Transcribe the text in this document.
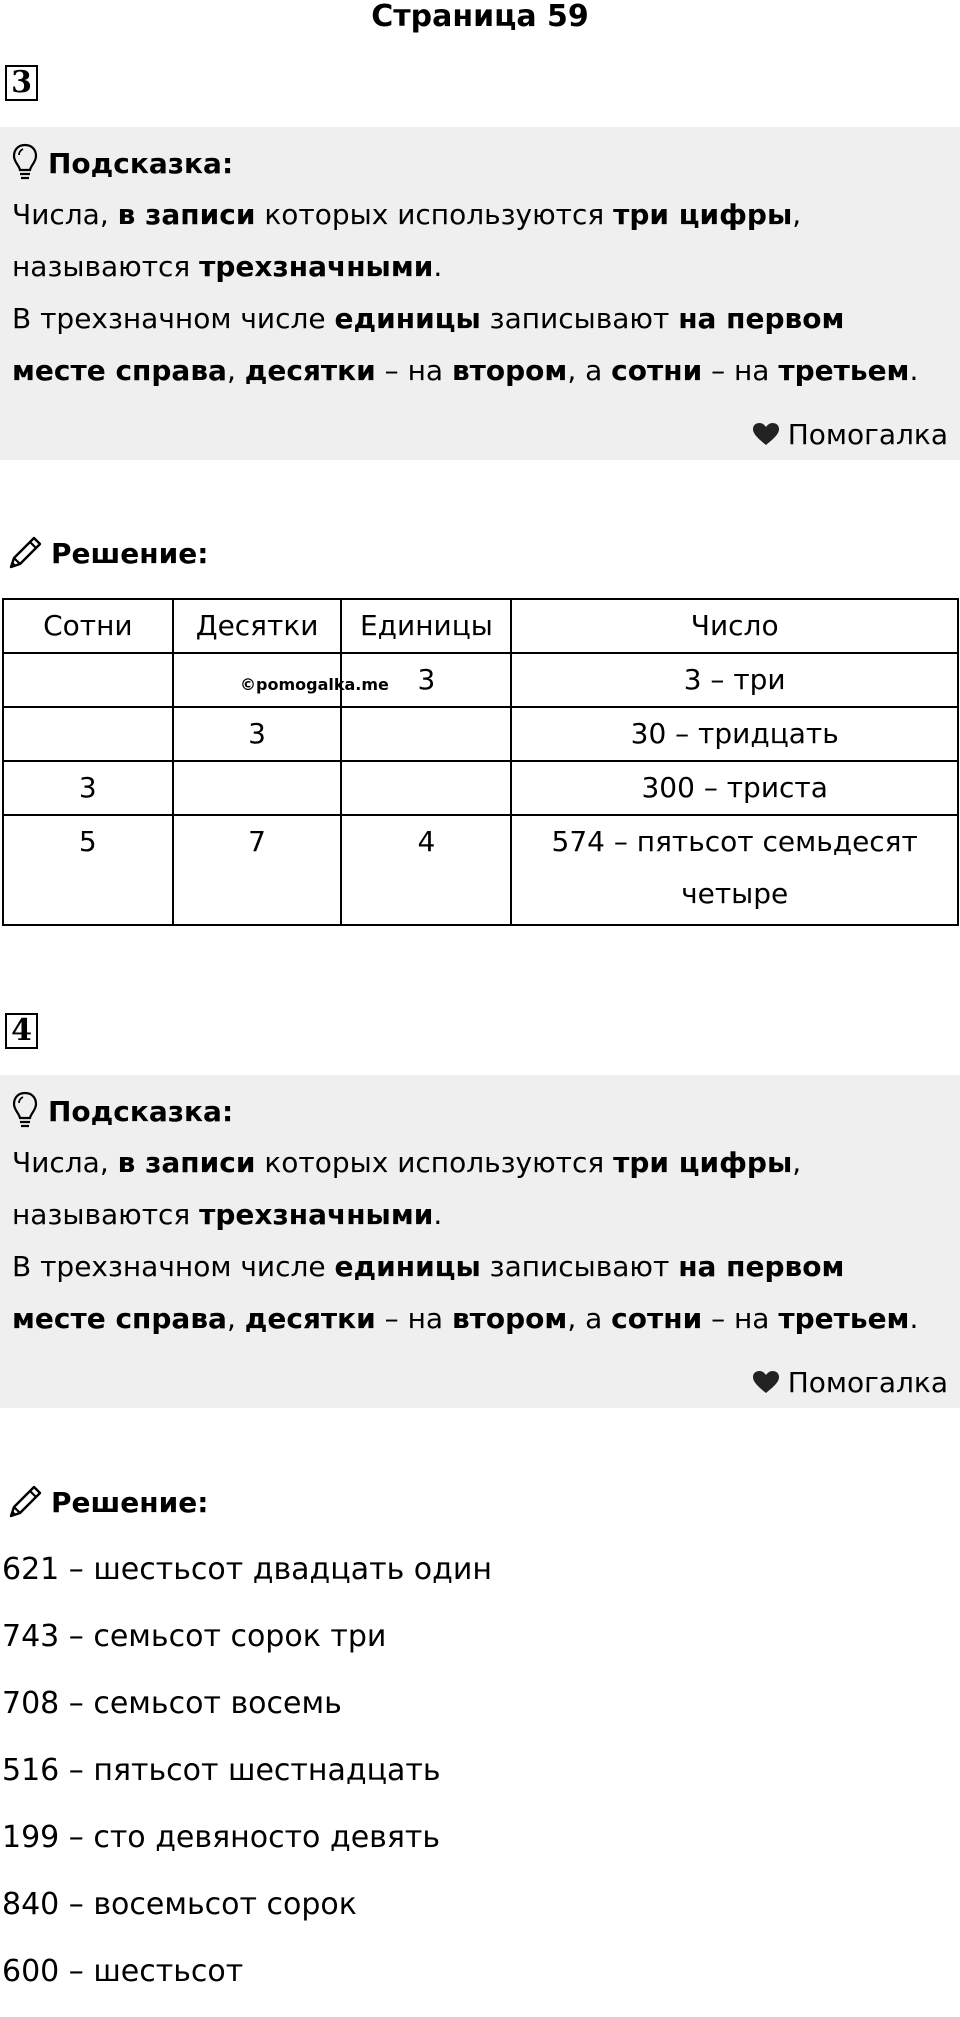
Страница 59
3
Подсказка:
Числа, в записи которых используются три цифры,
называются трехзначными.
В трехзначном числе единицы записывают на первом
месте справа, десятки – на втором, а сотни – на третьем.
Помогалка
Решение:
Сотни	Десятки	Единицы	Число
		3	3 – три
	3		30 – тридцать
3			300 – триста
5	7	4	574 – пятьсот семьдесят четыре
©pomogalka.me
4
Подсказка:
Числа, в записи которых используются три цифры,
называются трехзначными.
В трехзначном числе единицы записывают на первом
месте справа, десятки – на втором, а сотни – на третьем.
Помогалка
Решение:
621 – шестьсот двадцать один
743 – семьсот сорок три
708 – семьсот восемь
516 – пятьсот шестнадцать
199 – сто девяносто девять
840 – восемьсот сорок
600 – шестьсот
